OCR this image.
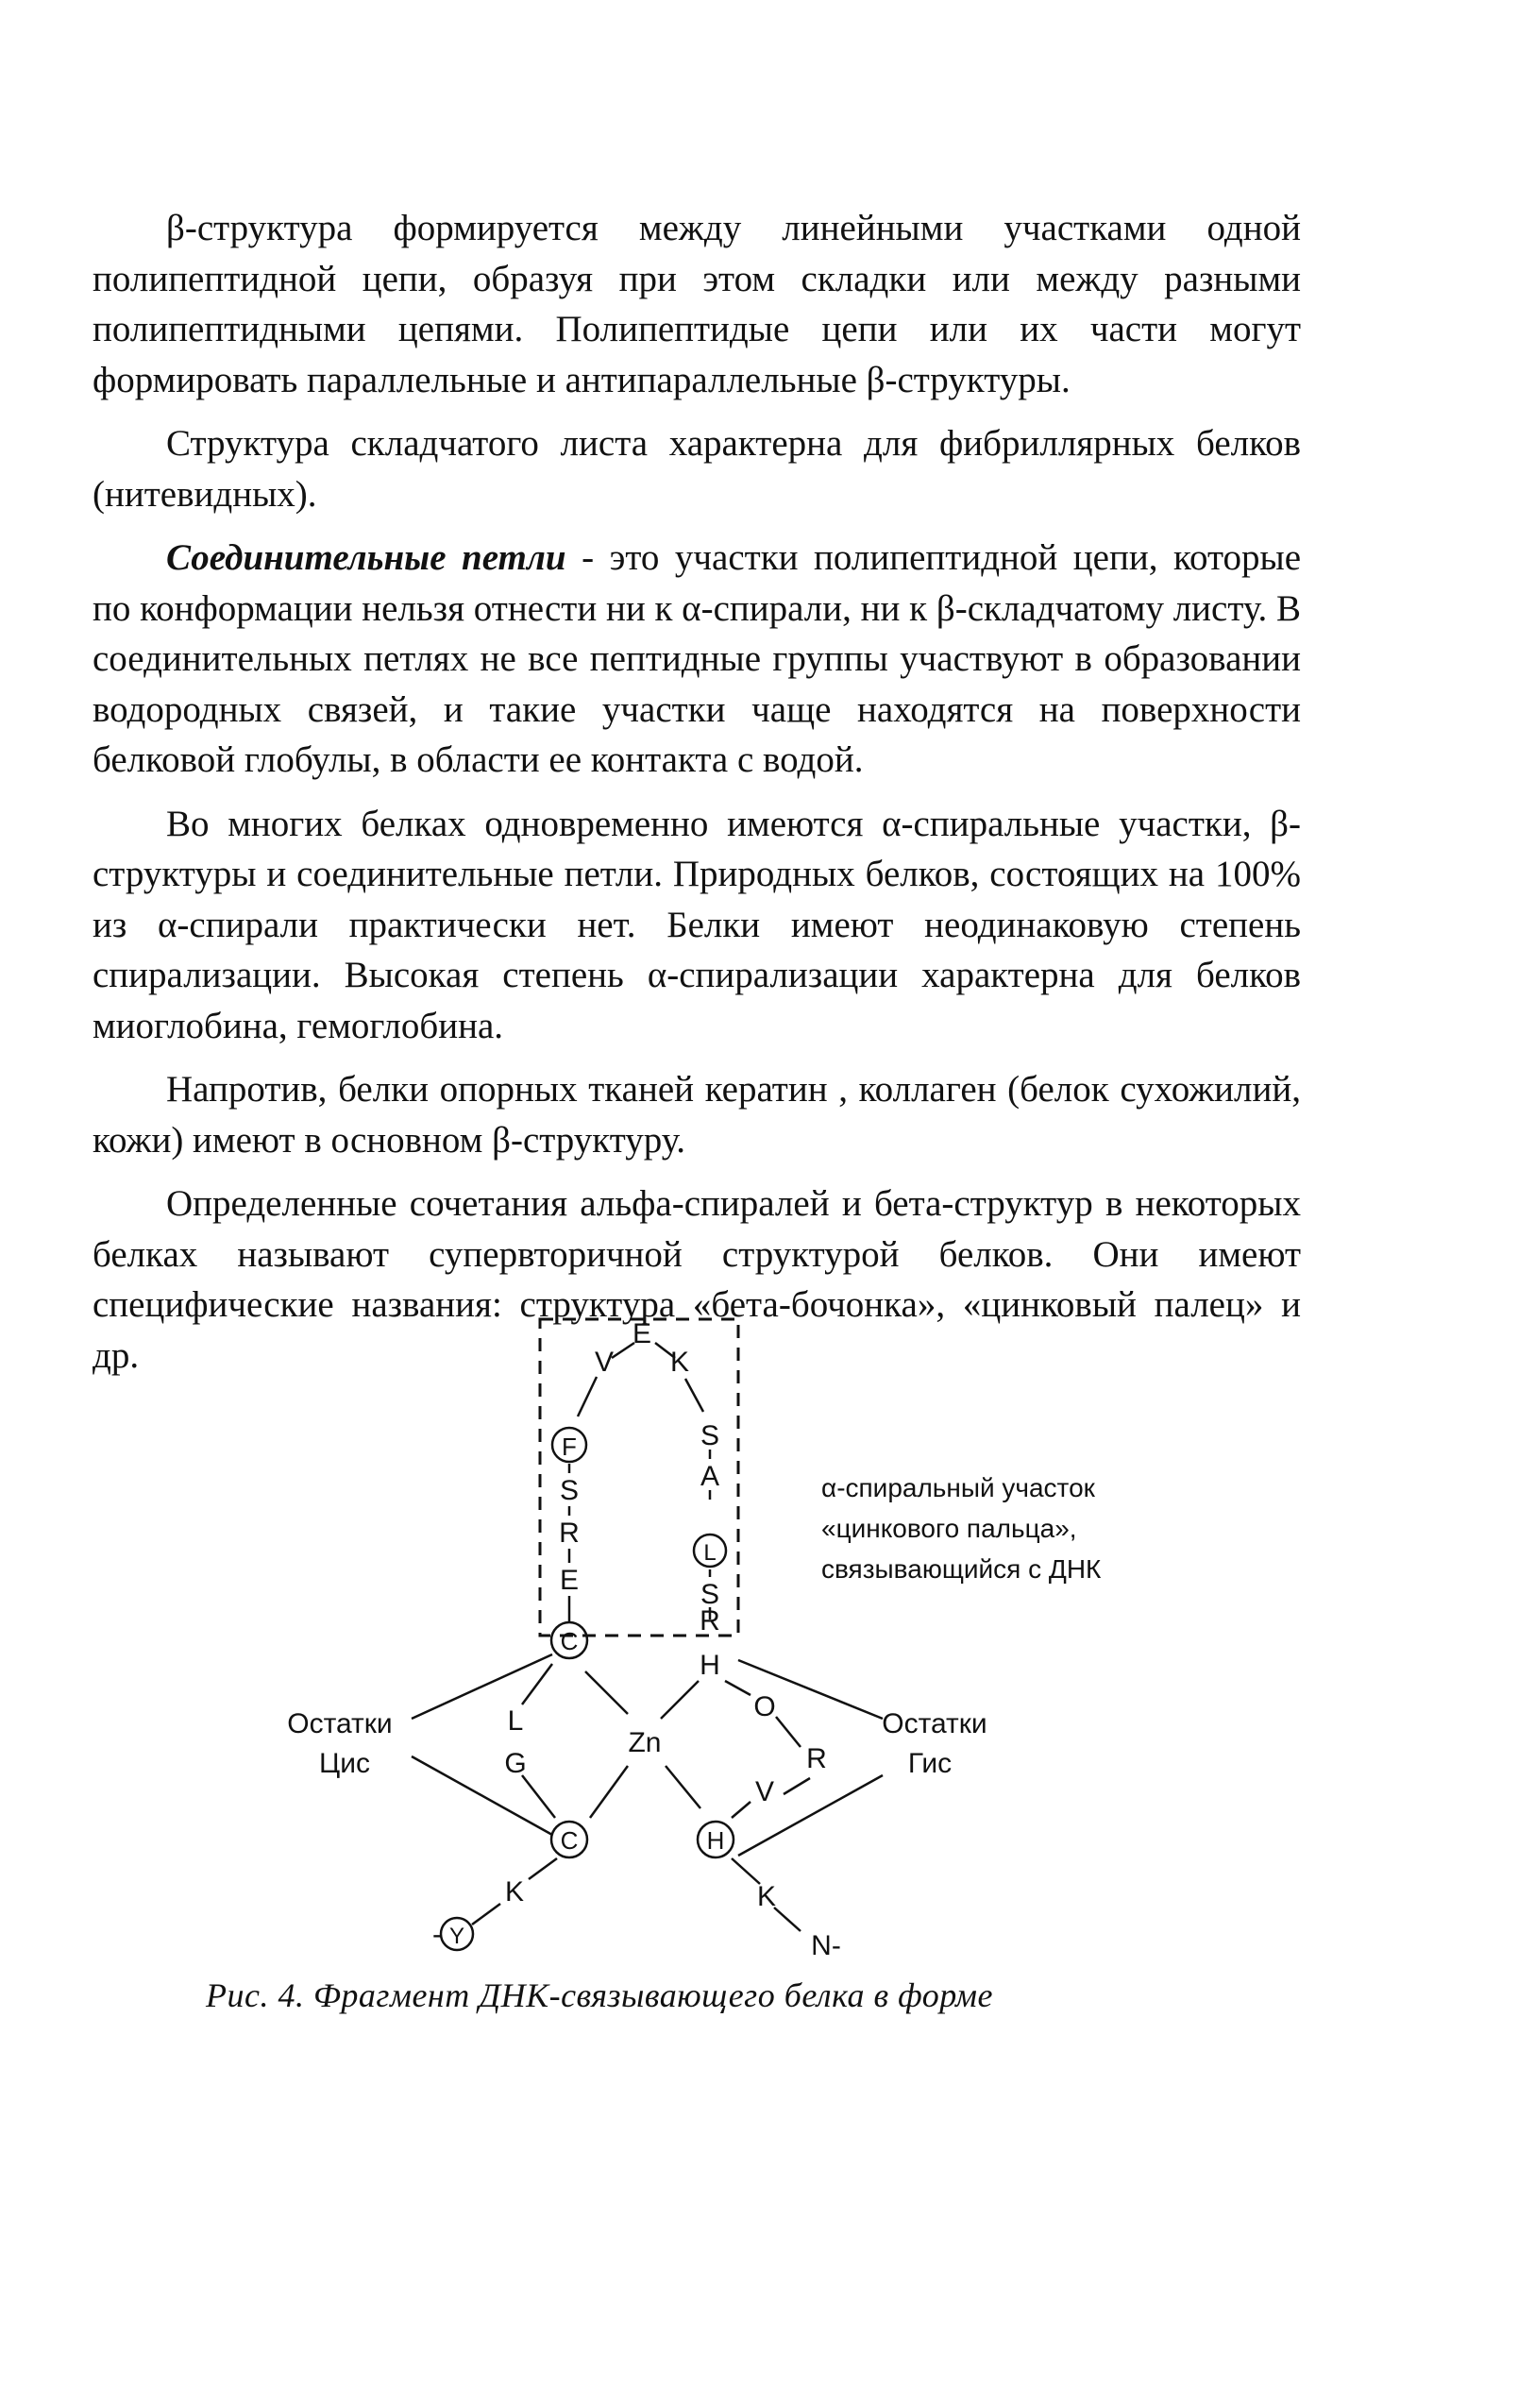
β-структура формируется между линейными участками одной полипептидной цепи, образуя при этом складки или между разными полипептидными цепями. Полипептидые цепи или их части могут формировать параллельные и антипараллельные β-структуры.

Структура складчатого листа характерна для фибриллярных белков (нитевидных).

Соединительные петли - это участки полипептидной цепи, которые по конформации нельзя отнести ни к α-спирали, ни к β-складчатому листу. В соединительных петлях не все пептидные группы участвуют в образовании водородных связей, и такие участки чаще находятся на поверхности белковой глобулы, в области ее контакта с водой.

Во многих белках одновременно имеются α-спиральные участки, β-структуры и соединительные петли. Природных белков, состоящих на 100% из α-спирали практически нет. Белки имеют неодинаковую степень спирализации. Высокая степень α-спирализации характерна для белков миоглобина, гемоглобина.

Напротив, белки опорных тканей кератин , коллаген (белок сухожилий, кожи) имеют в основном β-структуру.

Определенные сочетания альфа-спиралей и бета-структур в некоторых белках называют супервторичной структурой белков. Они имеют специфические названия: структура «бета-бочонка», «цинковый палец» и др.

E
V K
F
S
R
E
S
A
L
S
R
C
H
L
G
Zn
O
R
C	H
V
K
Y
-
K
N-
α-спиральный участок
«цинкового пальца»,
связывающийся с ДНК
Остатки
Цис
Остатки
Гис
Рис. 4. Фрагмент ДНК-связывающего белка в форме
